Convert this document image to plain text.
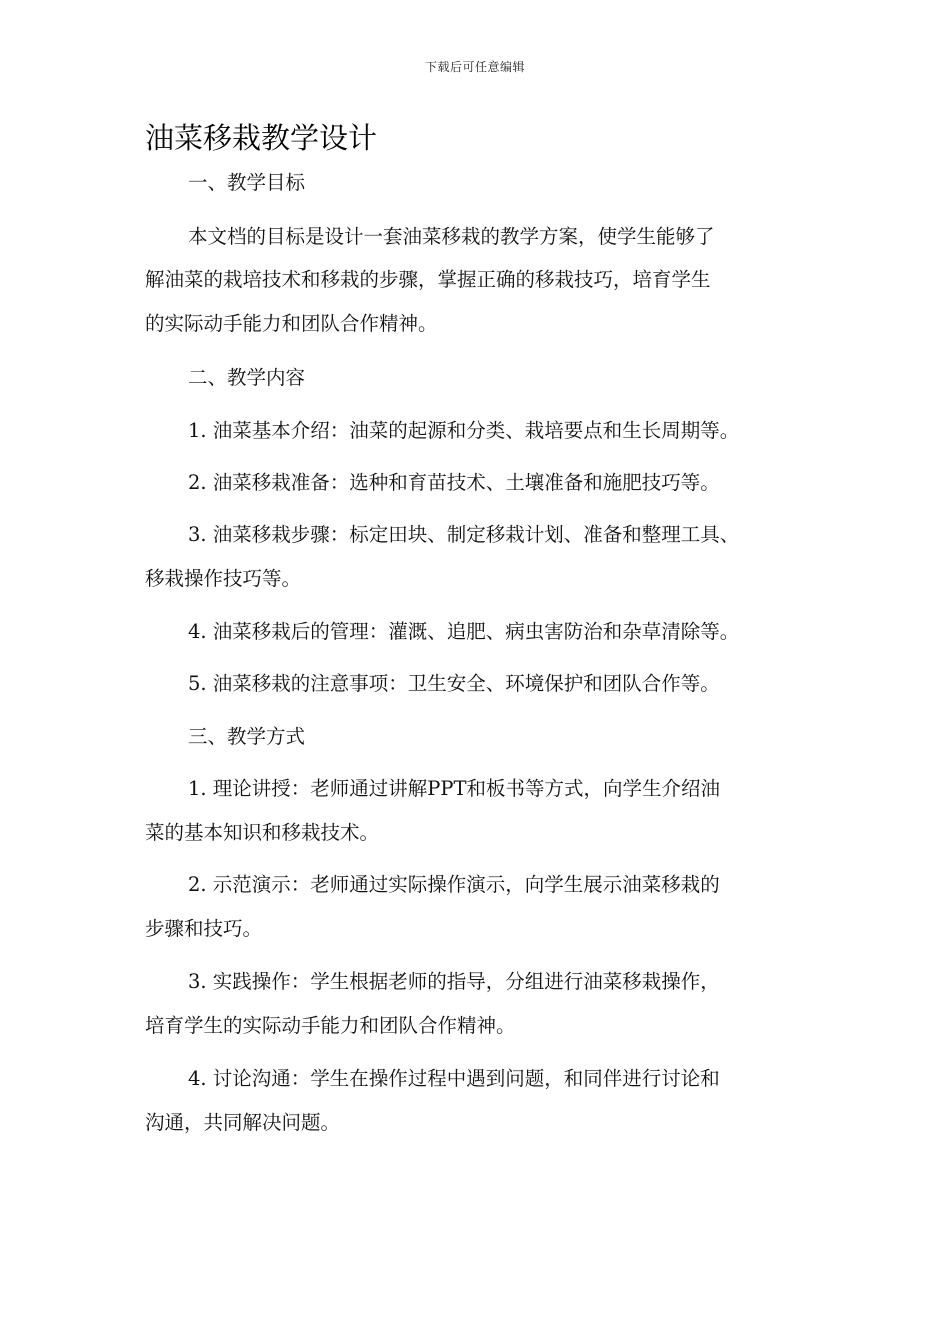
下载后可任意编辑
油菜移栽教学设计
一、教学目标
本文档的目标是设计一套油菜移栽的教学方案，使学生能够了
解油菜的栽培技术和移栽的步骤，掌握正确的移栽技巧，培育学生
的实际动手能力和团队合作精神。
二、教学内容
1. 油菜基本介绍：油菜的起源和分类、栽培要点和生长周期等。
2. 油菜移栽准备：选种和育苗技术、土壤准备和施肥技巧等。
3. 油菜移栽步骤：标定田块、制定移栽计划、准备和整理工具、
移栽操作技巧等。
4. 油菜移栽后的管理：灌溉、追肥、病虫害防治和杂草清除等。
5. 油菜移栽的注意事项：卫生安全、环境保护和团队合作等。
三、教学方式
1. 理论讲授：老师通过讲解PPT和板书等方式，向学生介绍油
菜的基本知识和移栽技术。
2. 示范演示：老师通过实际操作演示，向学生展示油菜移栽的
步骤和技巧。
3. 实践操作：学生根据老师的指导，分组进行油菜移栽操作，
培育学生的实际动手能力和团队合作精神。
4. 讨论沟通：学生在操作过程中遇到问题，和同伴进行讨论和
沟通，共同解决问题。
